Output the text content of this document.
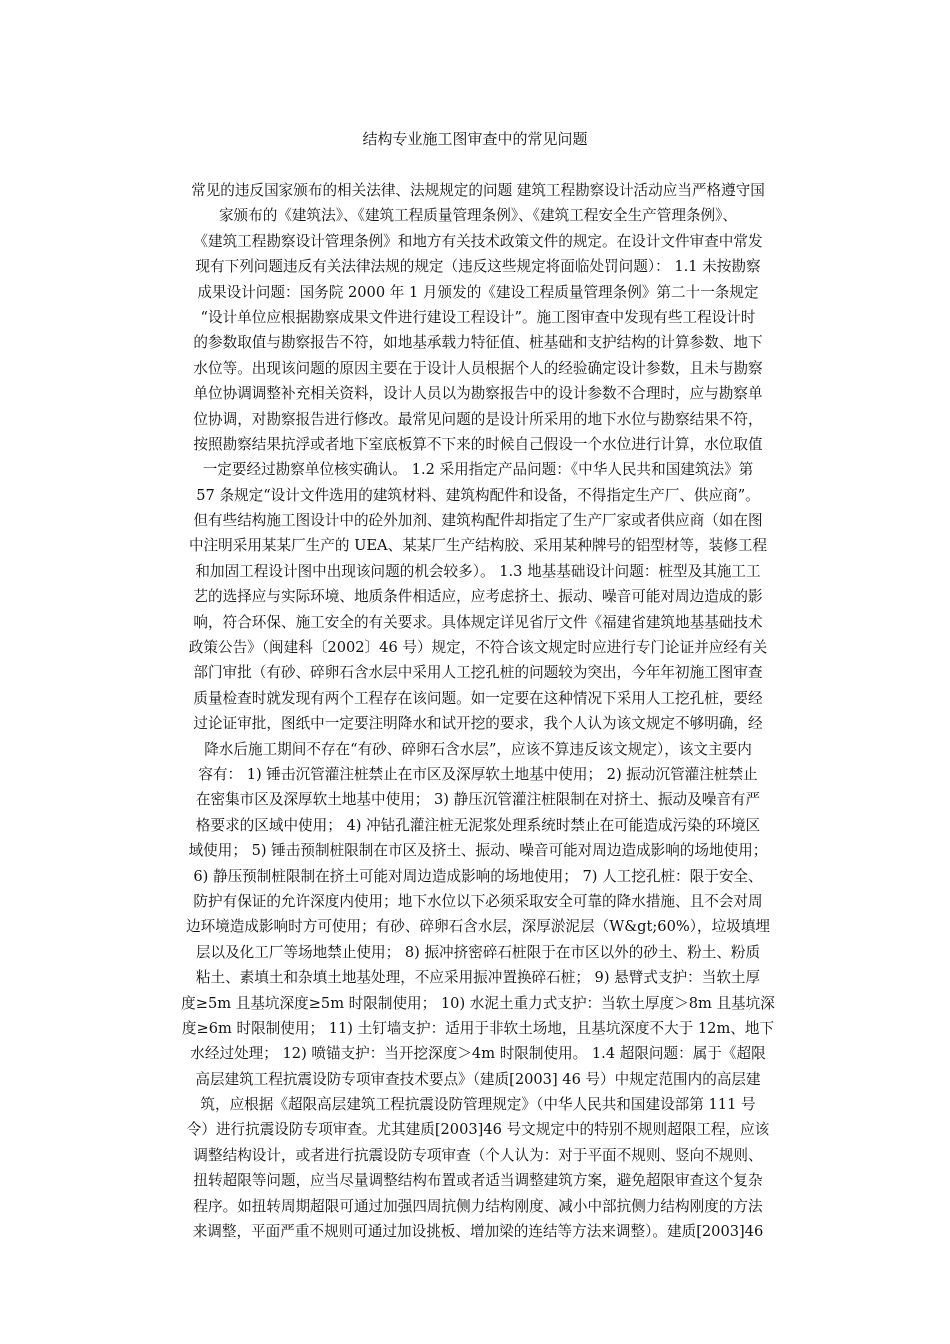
结构专业施工图审查中的常见问题
常见的违反国家颁布的相关法律、法规规定的问题 建筑工程勘察设计活动应当严格遵守国
家颁布的《建筑法》、《建筑工程质量管理条例》、《建筑工程安全生产管理条例》、
《建筑工程勘察设计管理条例》和地方有关技术政策文件的规定。在设计文件审查中常发
现有下列问题违反有关法律法规的规定（违反这些规定将面临处罚问题）： 1.1 未按勘察
成果设计问题：国务院 2000 年 1 月颁发的《建设工程质量管理条例》第二十一条规定
“设计单位应根据勘察成果文件进行建设工程设计”。施工图审查中发现有些工程设计时
的参数取值与勘察报告不符，如地基承载力特征值、桩基础和支护结构的计算参数、地下
水位等。出现该问题的原因主要在于设计人员根据个人的经验确定设计参数，且未与勘察
单位协调调整补充相关资料，设计人员以为勘察报告中的设计参数不合理时，应与勘察单
位协调，对勘察报告进行修改。最常见问题的是设计所采用的地下水位与勘察结果不符，
按照勘察结果抗浮或者地下室底板算不下来的时候自己假设一个水位进行计算，水位取值
一定要经过勘察单位核实确认。 1.2 采用指定产品问题：《中华人民共和国建筑法》第
57 条规定“设计文件选用的建筑材料、建筑构配件和设备，不得指定生产厂、供应商”。
但有些结构施工图设计中的砼外加剂、建筑构配件却指定了生产厂家或者供应商（如在图
中注明采用某某厂生产的 UEA、某某厂生产结构胶、采用某种牌号的铝型材等，装修工程
和加固工程设计图中出现该问题的机会较多）。 1.3 地基基础设计问题：桩型及其施工工
艺的选择应与实际环境、地质条件相适应，应考虑挤土、振动、噪音可能对周边造成的影
响，符合环保、施工安全的有关要求。具体规定详见省厅文件《福建省建筑地基基础技术
政策公告》（闽建科〔2002〕46 号）规定，不符合该文规定时应进行专门论证并应经有关
部门审批（有砂、碎卵石含水层中采用人工挖孔桩的问题较为突出，今年年初施工图审查
质量检查时就发现有两个工程存在该问题。如一定要在这种情况下采用人工挖孔桩，要经
过论证审批，图纸中一定要注明降水和试开挖的要求，我个人认为该文规定不够明确，经
降水后施工期间不存在“有砂、碎卵石含水层”，应该不算违反该文规定），该文主要内
容有： 1) 锤击沉管灌注桩禁止在市区及深厚软土地基中使用； 2) 振动沉管灌注桩禁止
在密集市区及深厚软土地基中使用； 3) 静压沉管灌注桩限制在对挤土、振动及噪音有严
格要求的区域中使用； 4) 冲钻孔灌注桩无泥浆处理系统时禁止在可能造成污染的环境区
域使用； 5) 锤击预制桩限制在市区及挤土、振动、噪音可能对周边造成影响的场地使用；
6) 静压预制桩限制在挤土可能对周边造成影响的场地使用； 7) 人工挖孔桩：限于安全、
防护有保证的允许深度内使用；地下水位以下必须采取安全可靠的降水措施、且不会对周
边环境造成影响时方可使用；有砂、碎卵石含水层，深厚淤泥层（W&gt;60%），垃圾填埋
层以及化工厂等场地禁止使用； 8) 振冲挤密碎石桩限于在市区以外的砂土、粉土、粉质
粘土、素填土和杂填土地基处理，不应采用振冲置换碎石桩； 9) 悬臂式支护：当软土厚
度≥5m 且基坑深度≥5m 时限制使用； 10) 水泥土重力式支护：当软土厚度＞8m 且基坑深
度≥6m 时限制使用； 11) 土钉墙支护：适用于非软土场地，且基坑深度不大于 12m、地下
水经过处理； 12) 喷锚支护：当开挖深度＞4m 时限制使用。 1.4 超限问题：属于《超限
高层建筑工程抗震设防专项审查技术要点》（建质[2003] 46 号）中规定范围内的高层建
筑，应根据《超限高层建筑工程抗震设防管理规定》（中华人民共和国建设部第 111 号
令）进行抗震设防专项审查。尤其建质[2003]46 号文规定中的特别不规则超限工程，应该
调整结构设计，或者进行抗震设防专项审查（个人认为：对于平面不规则、竖向不规则、
扭转超限等问题，应当尽量调整结构布置或者适当调整建筑方案，避免超限审查这个复杂
程序。如扭转周期超限可通过加强四周抗侧力结构刚度、减小中部抗侧力结构刚度的方法
来调整，平面严重不规则可通过加设挑板、增加梁的连结等方法来调整）。建质[2003]46
